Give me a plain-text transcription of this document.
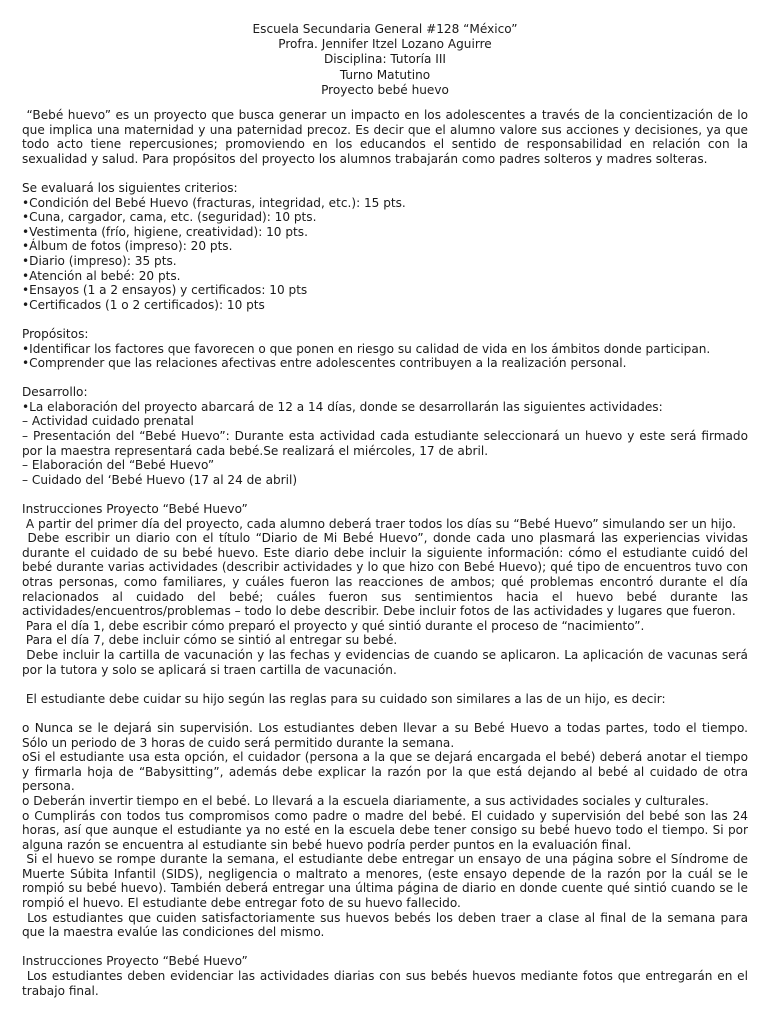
Escuela Secundaria General #128 “México”
Profra. Jennifer Itzel Lozano Aguirre
Disciplina: Tutoría III
Turno Matutino
Proyecto bebé huevo

“Bebé huevo” es un proyecto que busca generar un impacto en los adolescentes a través de la concientización de lo que implica una maternidad y una paternidad precoz. Es decir que el alumno valore sus acciones y decisiones, ya que todo acto tiene repercusiones; promoviendo en los educandos el sentido de responsabilidad en relación con la sexualidad y salud. Para propósitos del proyecto los alumnos trabajarán como padres solteros y madres solteras.

Se evaluará los siguientes criterios:
•Condición del Bebé Huevo (fracturas, integridad, etc.): 15 pts.
•Cuna, cargador, cama, etc. (seguridad): 10 pts.
•Vestimenta (frío, higiene, creatividad): 10 pts.
•Álbum de fotos (impreso): 20 pts.
•Diario (impreso): 35 pts.
•Atención al bebé: 20 pts.
•Ensayos (1 a 2 ensayos) y certificados: 10 pts
•Certificados (1 o 2 certificados): 10 pts
Propósitos:
•Identificar los factores que favorecen o que ponen en riesgo su calidad de vida en los ámbitos donde participan.
•Comprender que las relaciones afectivas entre adolescentes contribuyen a la realización personal.
Desarrollo:
•La elaboración del proyecto abarcará de 12 a 14 días, donde se desarrollarán las siguientes actividades:
– Actividad cuidado prenatal
– Presentación del “Bebé Huevo”: Durante esta actividad cada estudiante seleccionará un huevo y este será firmado por la maestra representará cada bebé.Se realizará el miércoles, 17 de abril.
– Elaboración del “Bebé Huevo”
– Cuidado del ‘Bebé Huevo (17 al 24 de abril)
Instrucciones Proyecto “Bebé Huevo”
A partir del primer día del proyecto, cada alumno deberá traer todos los días su “Bebé Huevo” simulando ser un hijo.
Debe escribir un diario con el título “Diario de Mi Bebé Huevo”, donde cada uno plasmará las experiencias vividas durante el cuidado de su bebé huevo. Este diario debe incluir la siguiente información: cómo el estudiante cuidó del bebé durante varias actividades (describir actividades y lo que hizo con Bebé Huevo); qué tipo de encuentros tuvo con otras personas, como familiares, y cuáles fueron las reacciones de ambos; qué problemas encontró durante el día relacionados al cuidado del bebé; cuáles fueron sus sentimientos hacia el huevo bebé durante las actividades/encuentros/problemas – todo lo debe describir. Debe incluir fotos de las actividades y lugares que fueron.
Para el día 1, debe escribir cómo preparó el proyecto y qué sintió durante el proceso de “nacimiento”.
Para el día 7, debe incluir cómo se sintió al entregar su bebé.
Debe incluir la cartilla de vacunación y las fechas y evidencias de cuando se aplicaron. La aplicación de vacunas será por la tutora y solo se aplicará si traen cartilla de vacunación.
El estudiante debe cuidar su hijo según las reglas para su cuidado son similares a las de un hijo, es decir:
o Nunca se le dejará sin supervisión. Los estudiantes deben llevar a su Bebé Huevo a todas partes, todo el tiempo. Sólo un periodo de 3 horas de cuido será permitido durante la semana.
oSi el estudiante usa esta opción, el cuidador (persona a la que se dejará encargada el bebé) deberá anotar el tiempo y firmarla hoja de “Babysitting”, además debe explicar la razón por la que está dejando al bebé al cuidado de otra persona.
o Deberán invertir tiempo en el bebé. Lo llevará a la escuela diariamente, a sus actividades sociales y culturales.
o Cumplirás con todos tus compromisos como padre o madre del bebé. El cuidado y supervisión del bebé son las 24 horas, así que aunque el estudiante ya no esté en la escuela debe tener consigo su bebé huevo todo el tiempo. Si por alguna razón se encuentra al estudiante sin bebé huevo podría perder puntos en la evaluación final.
Si el huevo se rompe durante la semana, el estudiante debe entregar un ensayo de una página sobre el Síndrome de Muerte Súbita Infantil (SIDS), negligencia o maltrato a menores, (este ensayo depende de la razón por la cuál se le rompió su bebé huevo). También deberá entregar una última página de diario en donde cuente qué sintió cuando se le rompió el huevo. El estudiante debe entregar foto de su huevo fallecido.
Los estudiantes que cuiden satisfactoriamente sus huevos bebés los deben traer a clase al final de la semana para que la maestra evalúe las condiciones del mismo.
Instrucciones Proyecto “Bebé Huevo”
Los estudiantes deben evidenciar las actividades diarias con sus bebés huevos mediante fotos que entregarán en el trabajo final.
